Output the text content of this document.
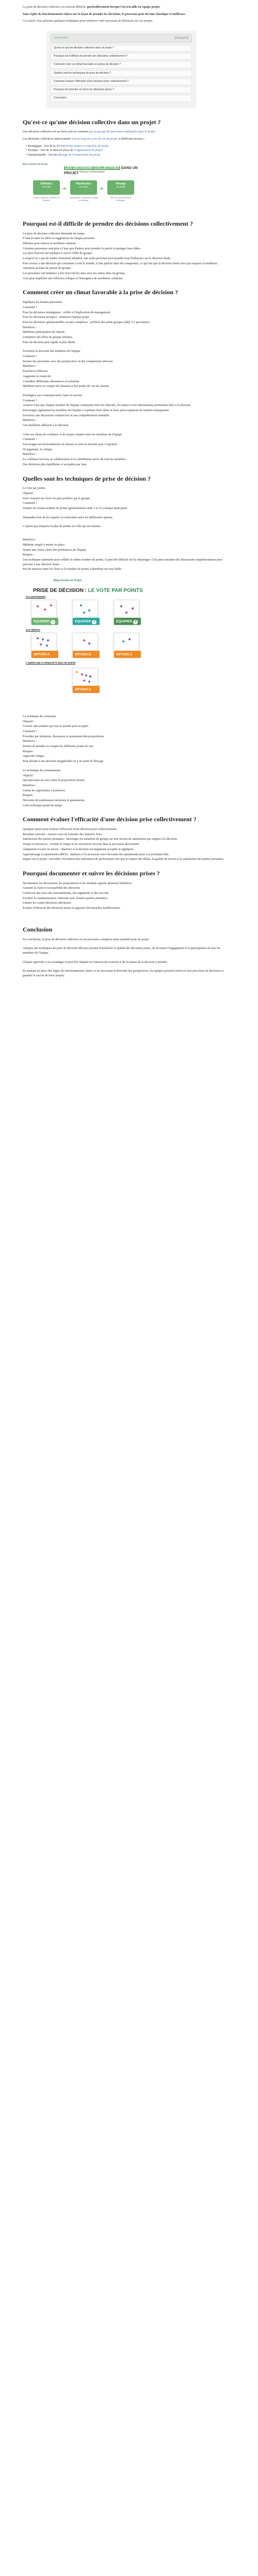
La prise de décision collective est souvent difficile, particulièrement lorsque l'on travaille en équipe projet.

Sans règles de fonctionnement claires sur la façon de prendre les décisions, le processus peut devenir chaotique et inefficace.

Cet article vous présente quelques techniques pour renforcer votre processus de décisions sur vos projets.

Sommaire	[masquer]
Qu'est-ce qu'une décision collective dans un projet ?
Pourquoi est-il difficile de prendre des décisions collectivement ?
Comment créer un climat favorable à la prise de décision ?
Quelles sont les techniques de prise de décision ?
Comment évaluer l'efficacité d'une décision prise collectivement ?
Pourquoi documenter et suivre les décisions prises ?
Conclusion
Qu'est-ce qu'une décision collective dans un projet ?

Une décision collective est un choix pris en commun par un groupe de personnes impliquées dans le projet.

Les décisions collectives interviennent tout au long du cycle de vie du projet, à différents niveaux :

• Stratégique : lors de la définition des enjeux et objectifs du projet
• Tactique : lors de la mise en place de l'organisation du projet
• Opérationnelle : lors du pilotage de l'avancement du projet
Bleu Gestion de Projet
LES DÉCISIONS COLLECTIVES DANS UN PROJET Niveaux d'intervention
Définition
du projet	➜
Planification
du projet	➜
Pilotage
du projet
Enjeux, objectifs, périmètre et livrables
Organisation, ressources, budget et planning
Suivi de l'avancement et arbitrages
Pourquoi est-il difficile de prendre des décisions collectivement ?
La prise de décision collective demande du temps :
Il faut écouter les idées et suggestions de chaque personne
Débattre pour trouver la meilleure solution.
Certaines personnes sont plus à l'aise que d'autres pour prendre la parole et partager leurs idées.
Les plus réservés ont tendance à suivre l'effet de groupe.
Lorsqu'il n'y a pas de leader clairement identifié, une seule personne peut prendre trop d'influence sur la décision finale.
Pour arriver à une décision qui convienne à tout le monde, il faut parfois faire des compromis, ce qui fait que la décision finale n'est pas toujours la meilleure.
Attention au biais de pensée de groupe :
Les personnes ont tendance à être d'accord les unes avec les autres dans un groupe.
Cela peut empêcher une réflexion critique et l'émergence de meilleures solutions.
Comment créer un climat favorable à la prise de décision ?
Impliquez les bonnes personnes
Comment ?
Pour les décisions stratégiques : veillez à l'implication du management
Pour les décisions tactiques : réunissez l'équipe projet
Pour les décisions opérationnelles ou peu complexes : préférez des petits groupes (déjà 3-5 personnes)
Bénéfices :
Meilleure participation de chacun.
Limitation des effets de groupe néfastes.
Prise de décision plus rapide et plus fluide
Favorisez la diversité des membres de l'équipe
Comment ?
Incluez des personnes avec des perspectives et des compétences diverses
Bénéfices :
Enrichit la réflexion
Augmente la créativité
Considère différentes alternatives et solutions
Meilleure prise en compte des besoins et des points de vue de chacun.
Privilégiez une communication claire et ouverte
Comment ?
Assurez-vous que chaque membre de l'équipe comprenne bien les objectifs, les enjeux et les informations pertinentes liées à la décision
Encouragez également les membres de l'équipe à exprimer leurs idées et leurs préoccupations de manière transparente
Favorisez une discussion constructive et une compréhension mutuelle.
Bénéfices :
Une meilleure adhésion à la décision
Créez un climat de confiance et de respect mutuel entre les membres de l'équipe
Comment ?
Encouragez un environnement où chacun se sent en sécurité pour s'exprimer
Ni jugement, ni critique
Bénéfices :
Le confiance favorise la collaboration et la contribution active de tous les membres.
Des décisions plus équilibrées et acceptées par tous.
Quelles sont les techniques de prise de décision ?
Le vote par points
Objectif :
Faire ressortir les choix les plus préférés par le groupe
Comment ?
Donner un certain nombre de points (généralement entre 3 et 5) à chaque participant
Demandez-leur de les répartir ou concentrer entre les différentes options.
L'option qui remporte le plus de points est celle qui est retenue.
Bénéfices :
Méthode simple à mettre en place
Donne une vision claire des préférences de l'équipe
Risques :
Une technique optimisée pour refléter le même nombre de points, il peut être difficile de les départager. Cela peut entraîner des discussions supplémentaires pour parvenir à une décision finale.
Peu de nuances entre les choix si le nombre de points à distribuer est trop faible.
Blog Gestion de Projet
PRISE DE DÉCISION : LE VOTE PAR POINTS
Les participants
ÉQUIPIER 1	ÉQUIPIER 2	ÉQUIPIER 3
Les options
OPTION A	OPTION B	OPTION C
L'option qui a remporté le plus de points
★
OPTION A
La technique du consensus
Objectif :
Trouver une solution qui tout le monde peut accepter.
Comment ?
Procédez par itérations, discussion et ajustement des propositions.
Bénéfices :
Permet de prendre en compte les différents points de vue.
Risques :
Approche longue
Peut aboutir à une décision inapplicable ou à un point de blocage.
Le technique du consentement
Objectif :
Que personne ne soit contre la proposition choisie.
Bénéfices :
Limite les oppositions a posteriori
Risques :
Nécessite de nombreuses itérations et ajustements.
Cette technique prend du temps.
Comment évaluer l'efficacité d'une décision prise collectivement ?
Quelques pistes pour évaluer l'efficacité d'une décision prise collectivement :
Résultats concrets : assurez-vous de l'atteinte des objectifs fixés.
Satisfaction des parties prenantes : interrogez les membres du groupe sur leur niveau de satisfaction par rapport à la décision.
Temps et ressources : évaluez le temps et les ressources investis dans le processus décisionnel.
Adaptation et suivi en œuvre : observez si la décision est largement acceptée et appliquée.
Apprentissage et ajustements (REX) : analysez si le processus suivi nécessite des ajustements pour vos prochains bâti.
Impact sur le projet : surveillez l'évolution des indicateurs de performance tels que le respect des délais, la qualité du travail et la satisfaction des parties prenantes.
Pourquoi documenter et suivre les décisions prises ?
Documentez les discussions, les propositions et les résultats apporte plusieurs bénéfices :
Garantir la clarté et la traçabilité des décisions
Conserver une trace des raisonnements, des arguments et des accords
Faciliter la communication cohérente avec d'autres parties prenantes.
Limiter les contre-décisions ultérieures
Évaluer l'efficacité des décisions prises et apporter d'éventuelles modifications.
Conclusion
En conclusion, la prise de décision collective est un processus complexe mais essentiel pour un projet.
Adoptez des techniques de prise de décision efficaces permet d'améliorer la qualité des décisions prises, de favoriser l'engagement et la participation de tous les membres de l'équipe.
Chaque approche a ses avantages et peut être adaptée en fonction du contexte et de la nature de la décision à prendre.
En mettant en place des règles de fonctionnement claires et en favorisant la diversité des perspectives, les équipes peuvent renforcer leur processus de décisions et garantir le succès de leurs projets.
